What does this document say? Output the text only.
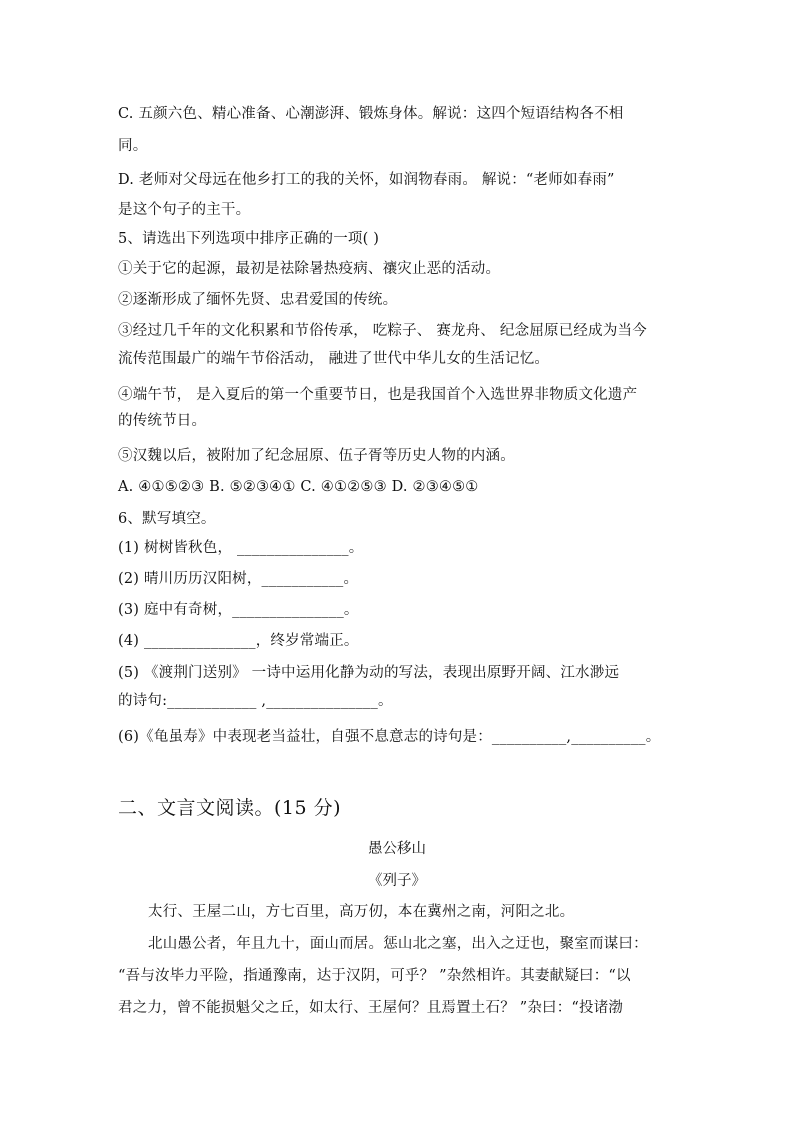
C. 五颜六色、精心准备、心潮澎湃、锻炼身体。解说：这四个短语结构各不相
同。
D. 老师对父母远在他乡打工的我的关怀，如润物春雨。 解说：“老师如春雨”
是这个句子的主干。
5、请选出下列选项中排序正确的一项( )
①关于它的起源，最初是祛除暑热疫病、禳灾止恶的活动。
②逐渐形成了缅怀先贤、忠君爱国的传统。
③经过几千年的文化积累和节俗传承， 吃粽子、 赛龙舟、 纪念屈原已经成为当今
流传范围最广的端午节俗活动， 融进了世代中华儿女的生活记忆。
④端午节， 是入夏后的第一个重要节日，也是我国首个入选世界非物质文化遗产
的传统节日。
⑤汉魏以后，被附加了纪念屈原、伍子胥等历史人物的内涵。
A. ④①⑤②③ B. ⑤②③④① C. ④①②⑤③ D. ②③④⑤①
6、默写填空。
(1) 树树皆秋色， _______________。
(2) 晴川历历汉阳树，___________。
(3) 庭中有奇树，_______________。
(4) _______________，终岁常端正。
(5) 《渡荆门送别》 一诗中运用化静为动的写法，表现出原野开阔、江水渺远
的诗句:____________ ,_______________。
(6)《龟虽寿》中表现老当益壮，自强不息意志的诗句是：__________,__________。
二、文言文阅读。(15 分)
愚公移山
《列子》
太行、王屋二山，方七百里，高万仞，本在冀州之南，河阳之北。
北山愚公者，年且九十，面山而居。惩山北之塞，出入之迂也，聚室而谋曰：
“吾与汝毕力平险，指通豫南，达于汉阴，可乎？ ”杂然相许。其妻献疑曰：“以
君之力，曾不能损魁父之丘，如太行、王屋何？且焉置土石？ ”杂曰：“投诸渤
